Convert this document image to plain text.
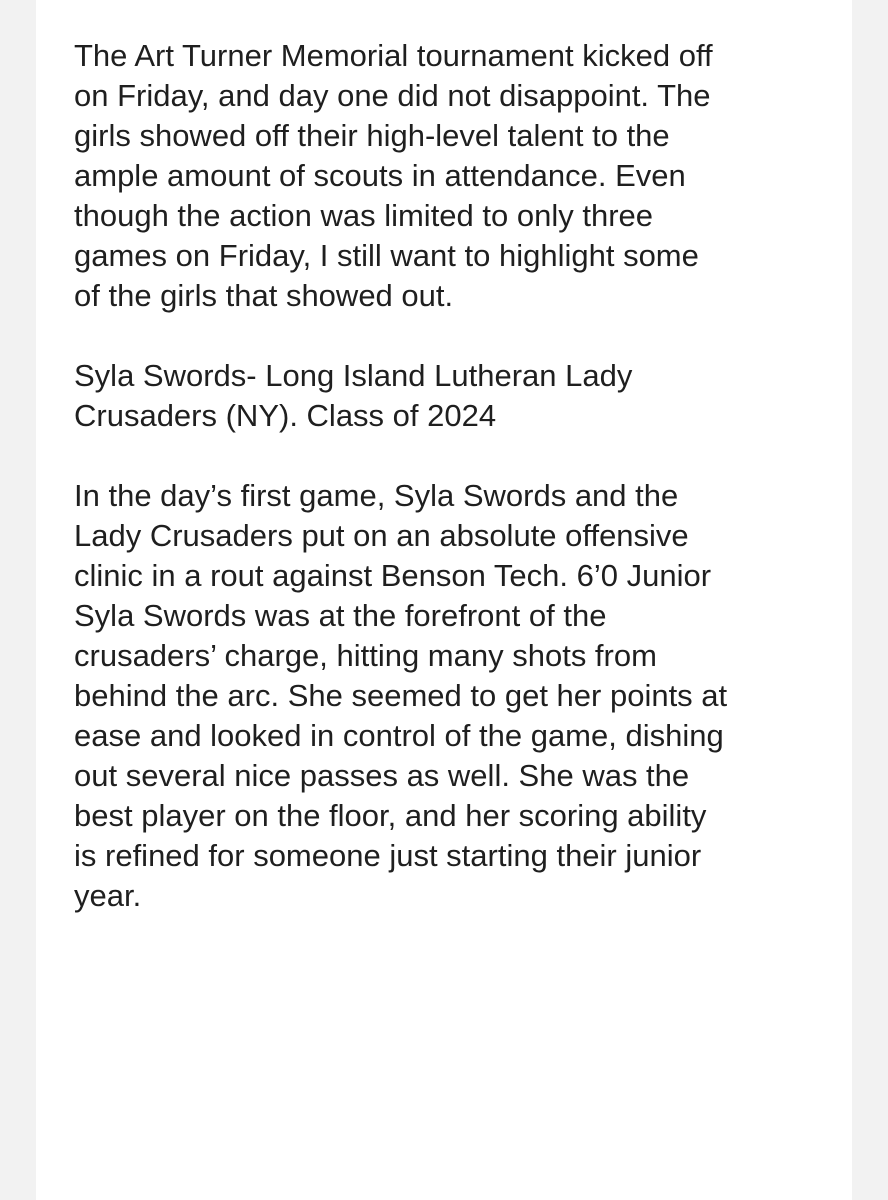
The Art Turner Memorial tournament kicked off
on Friday, and day one did not disappoint. The
girls showed off their high-level talent to the
ample amount of scouts in attendance. Even
though the action was limited to only three
games on Friday, I still want to highlight some
of the girls that showed out.

Syla Swords- Long Island Lutheran Lady
Crusaders (NY). Class of 2024

In the day’s first game, Syla Swords and the
Lady Crusaders put on an absolute offensive
clinic in a rout against Benson Tech. 6’0 Junior
Syla Swords was at the forefront of the
crusaders’ charge, hitting many shots from
behind the arc. She seemed to get her points at
ease and looked in control of the game, dishing
out several nice passes as well. She was the
best player on the floor, and her scoring ability
is refined for someone just starting their junior
year.
